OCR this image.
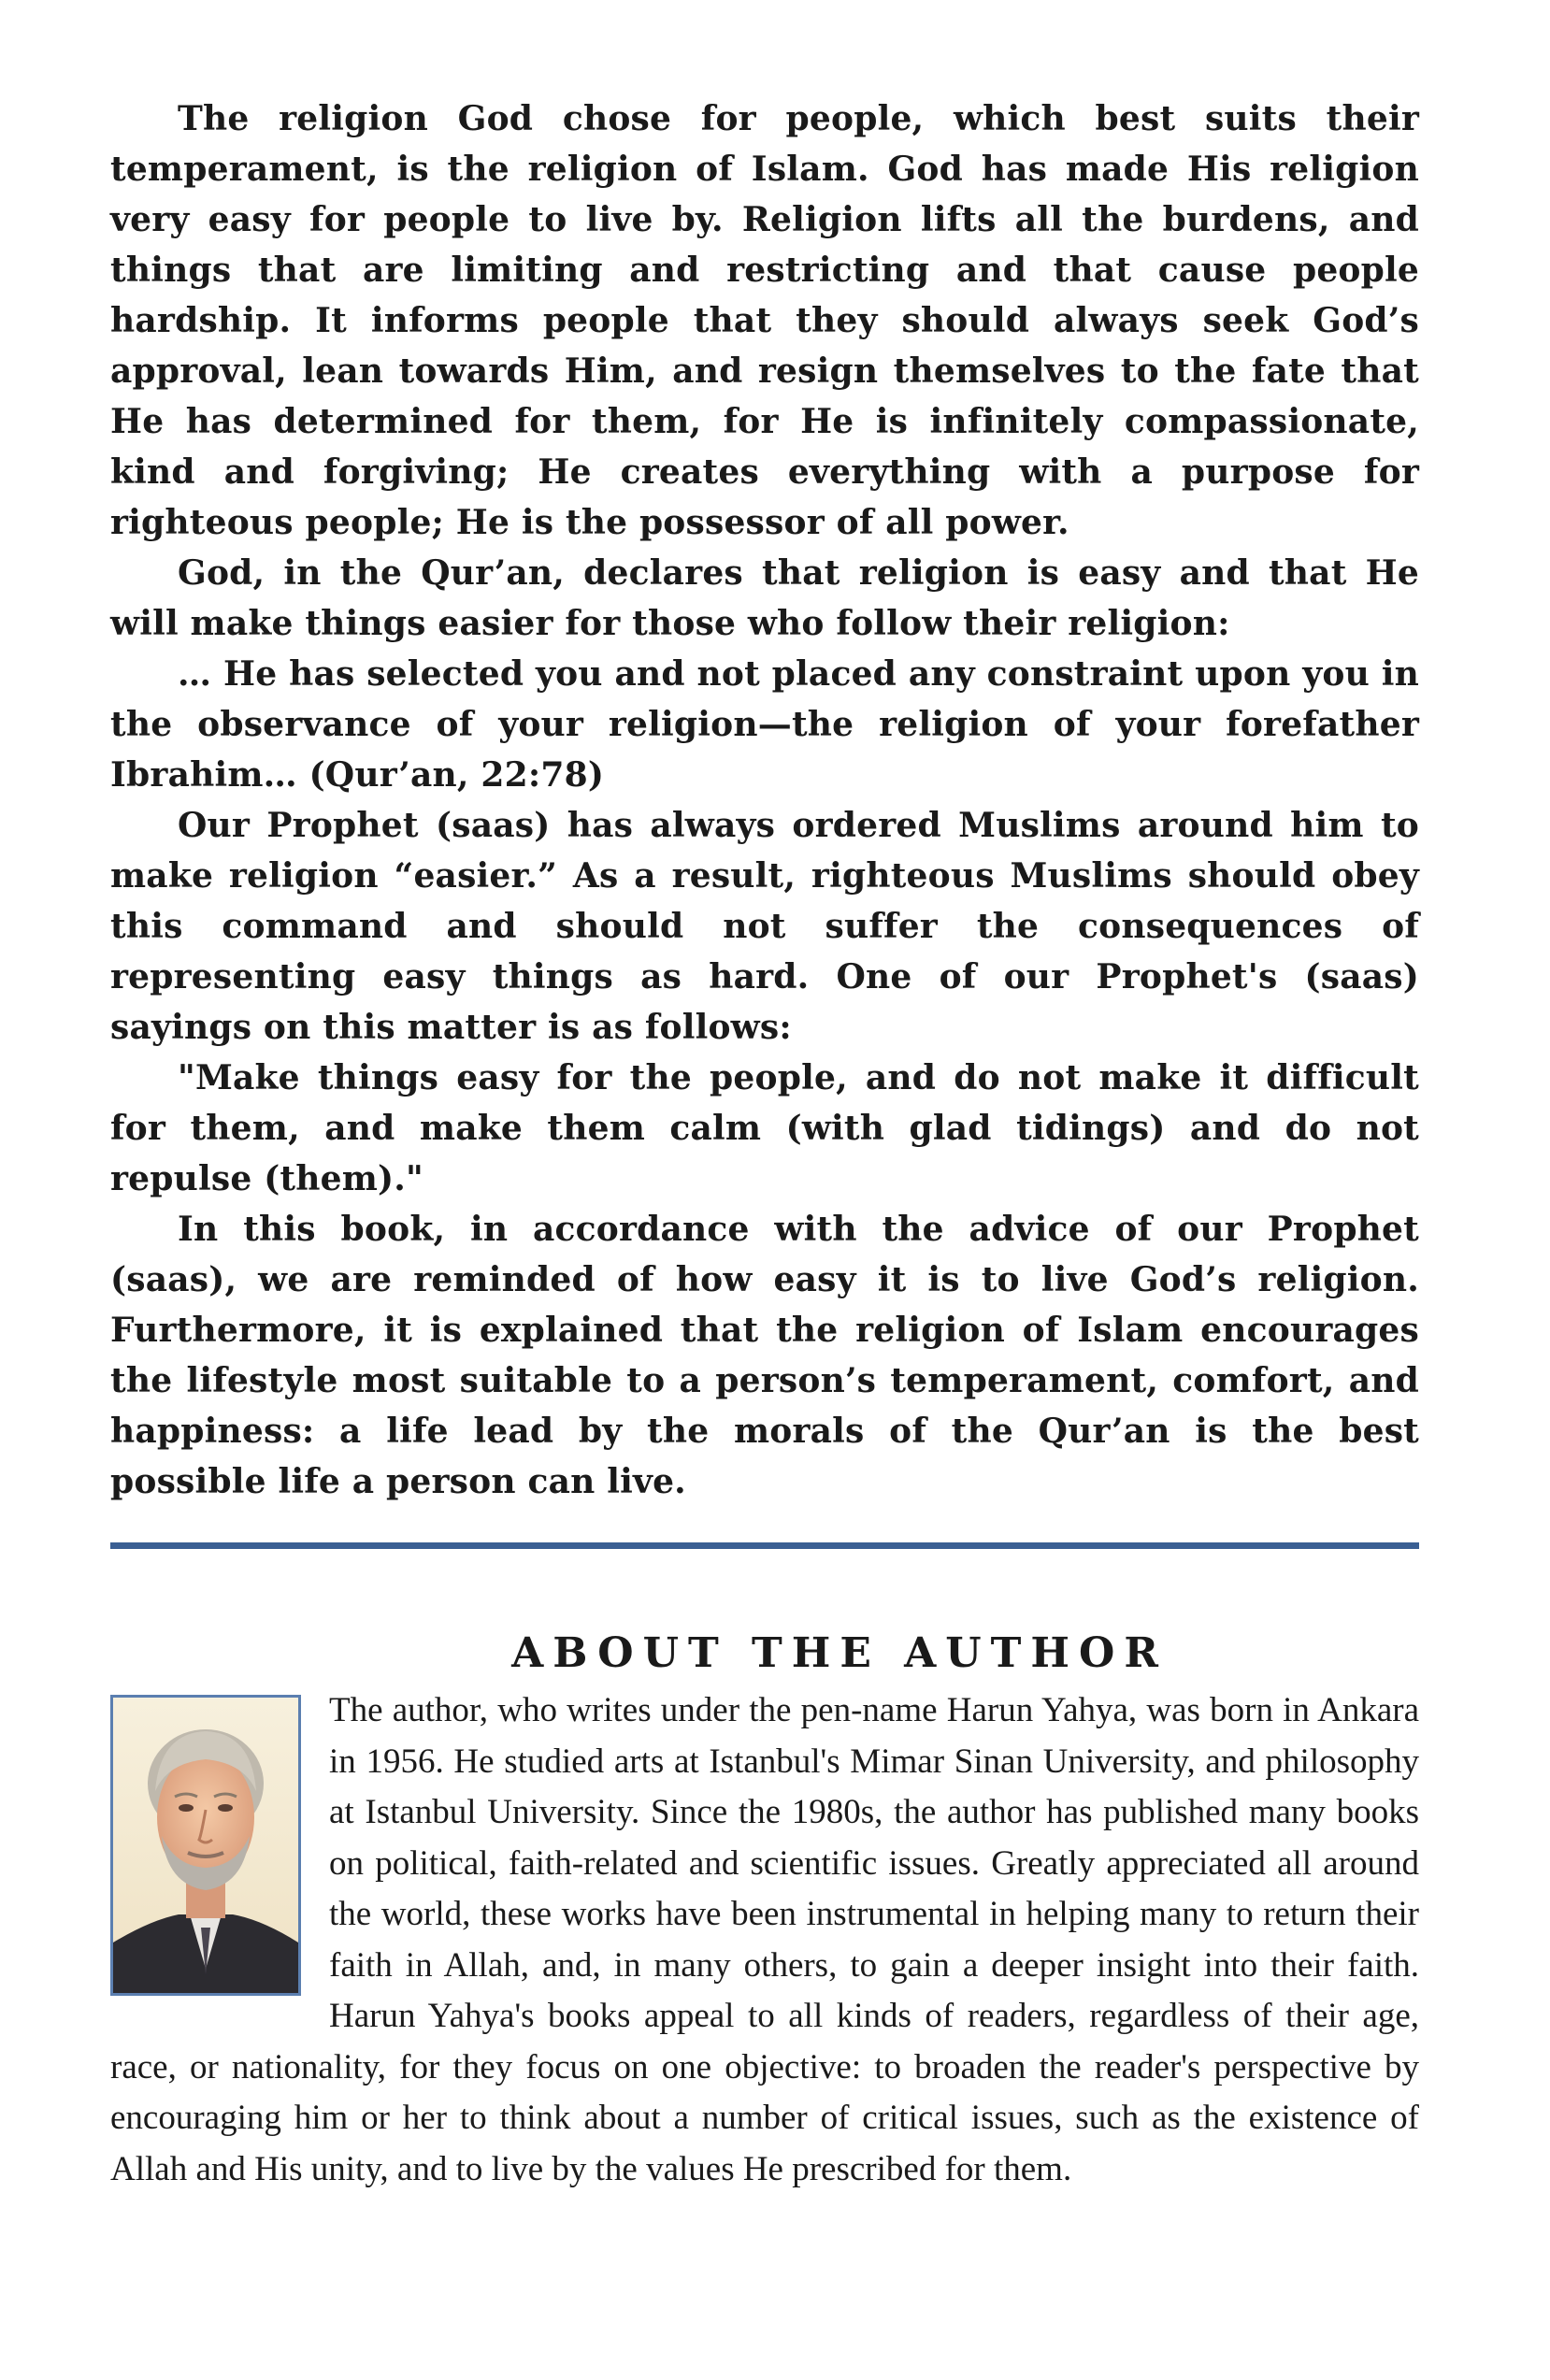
The religion God chose for people, which best suits their temperament, is the religion of Islam. God has made His religion very easy for people to live by. Religion lifts all the burdens, and things that are limiting and restricting and that cause people hardship. It informs people that they should always seek God’s approval, lean towards Him, and resign themselves to the fate that He has determined for them, for He is infinitely compassionate, kind and forgiving; He creates everything with a purpose for righteous people; He is the possessor of all power.

God, in the Qur’an, declares that religion is easy and that He will make things easier for those who follow their religion:

… He has selected you and not placed any constraint upon you in the observance of your religion—the religion of your forefather Ibrahim… (Qur’an, 22:78)

Our Prophet (saas) has always ordered Muslims around him to make religion “easier.” As a result, righteous Muslims should obey this command and should not suffer the consequences of representing easy things as hard. One of our Prophet's (saas) sayings on this matter is as follows:

"Make things easy for the people, and do not make it difficult for them, and make them calm (with glad tidings) and do not repulse (them)."

In this book, in accordance with the advice of our Prophet (saas), we are reminded of how easy it is to live God’s religion. Furthermore, it is explained that the religion of Islam encourages the lifestyle most suitable to a person’s temperament, comfort, and happiness: a life lead by the morals of the Qur’an is the best possible life a person can live.

ABOUT THE AUTHOR
The author, who writes under the pen-name Harun Yahya, was born in Ankara in 1956. He studied arts at Istanbul's Mimar Sinan University, and philosophy at Istanbul University. Since the 1980s, the author has published many books on political, faith-related and scientific issues. Greatly appreciated all around the world, these works have been instrumental in helping many to return their faith in Allah, and, in many others, to gain a deeper insight into their faith. Harun Yahya's books appeal to all kinds of readers, regardless of their age, race, or nationality, for they focus on one objective: to broaden the reader's perspective by encouraging him or her to think about a number of critical issues, such as the existence of Allah and His unity, and to live by the values He prescribed for them.
